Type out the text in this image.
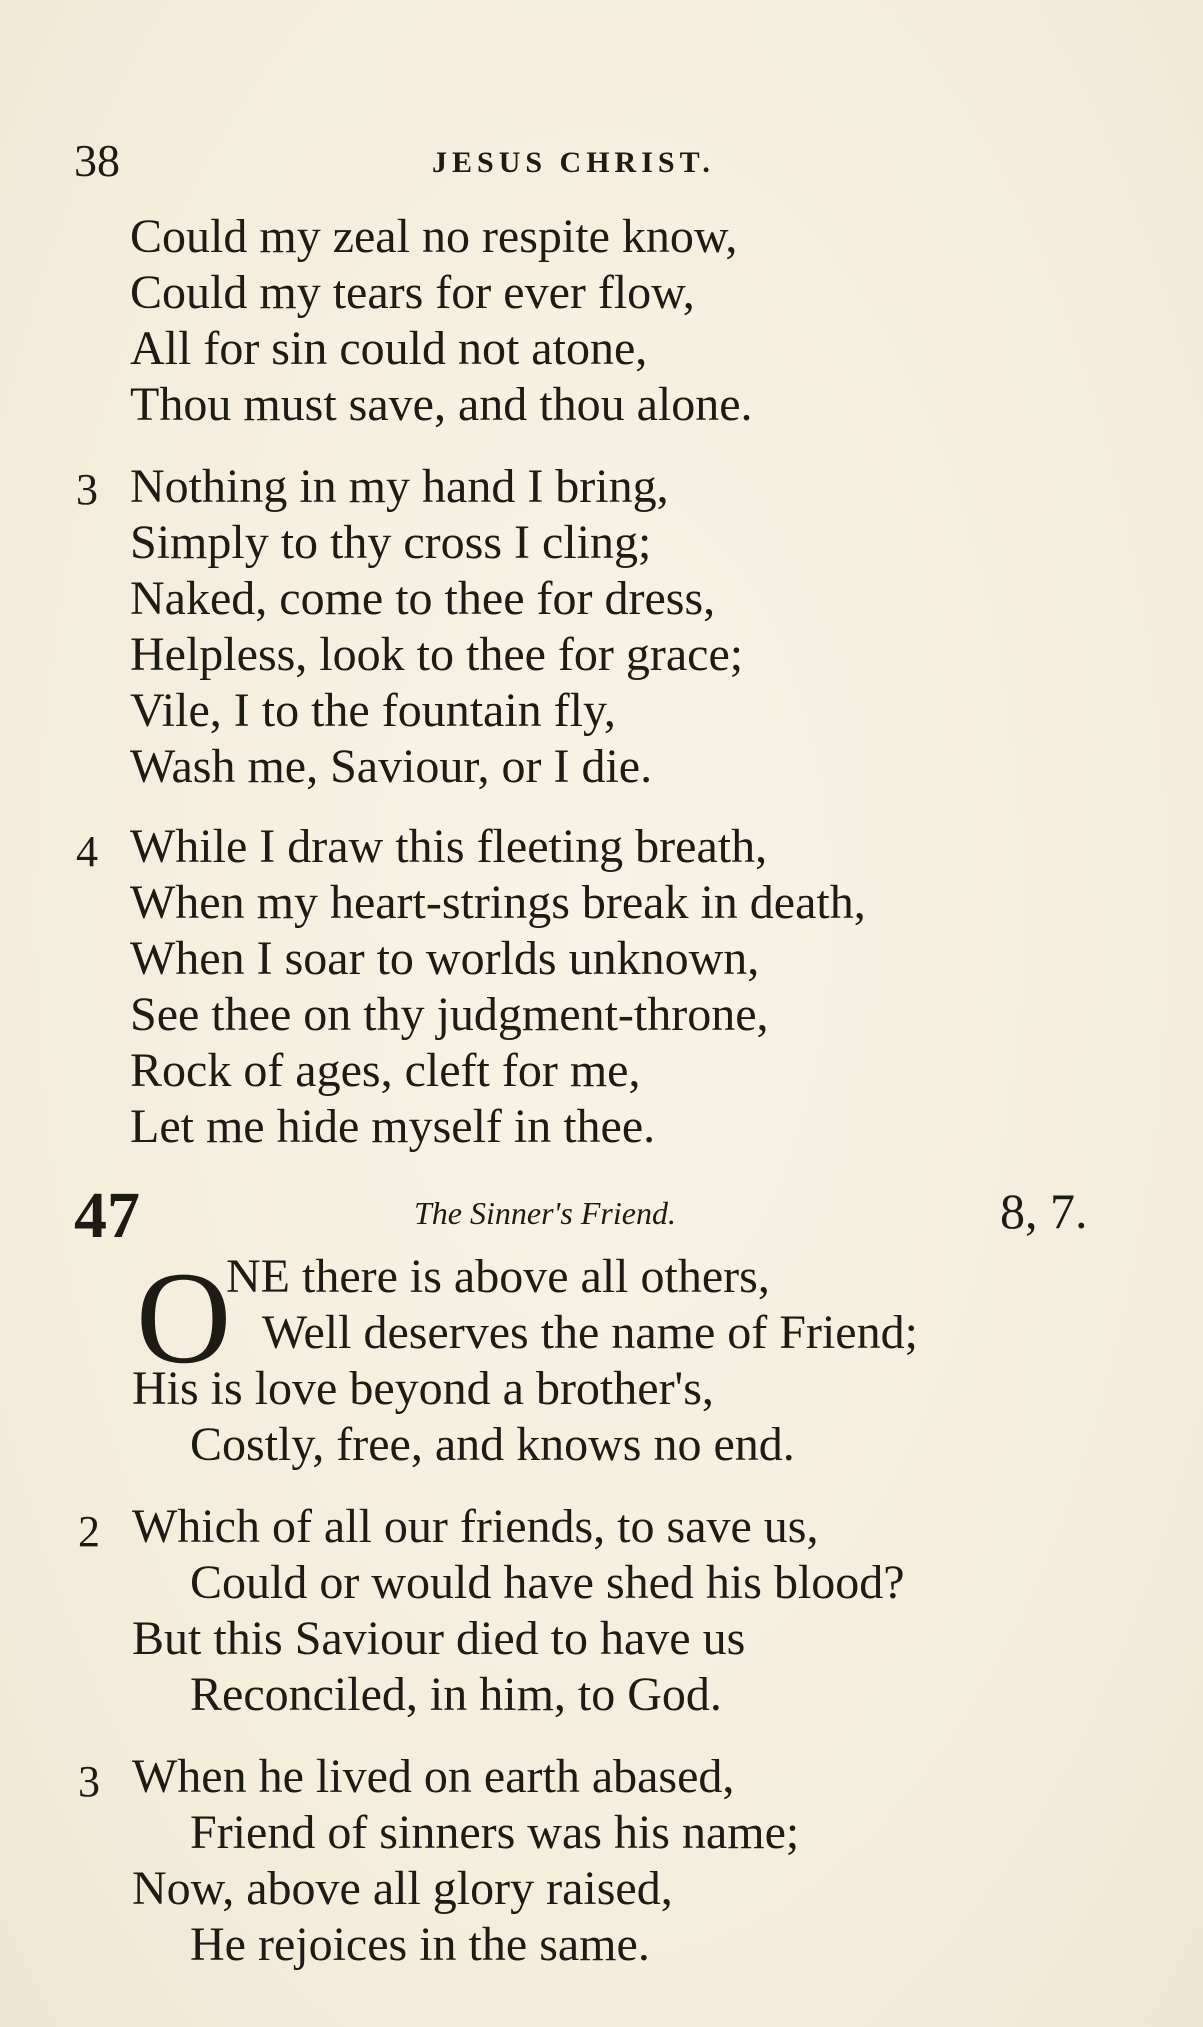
38	JESUS CHRIST.
Could my zeal no respite know,
Could my tears for ever flow,
All for sin could not atone,
Thou must save, and thou alone.
3 Nothing in my hand I bring,
Simply to thy cross I cling;
Naked, come to thee for dress,
Helpless, look to thee for grace;
Vile, I to the fountain fly,
Wash me, Saviour, or I die.
4 While I draw this fleeting breath,
When my heart-strings break in death,
When I soar to worlds unknown,
See thee on thy judgment-throne,
Rock of ages, cleft for me,
Let me hide myself in thee.
47	The Sinner's Friend.	8, 7.
O
NE there is above all others,
Well deserves the name of Friend;
His is love beyond a brother's,
Costly, free, and knows no end.
2 Which of all our friends, to save us,
Could or would have shed his blood?
But this Saviour died to have us
Reconciled, in him, to God.
3 When he lived on earth abased,
Friend of sinners was his name;
Now, above all glory raised,
He rejoices in the same.
